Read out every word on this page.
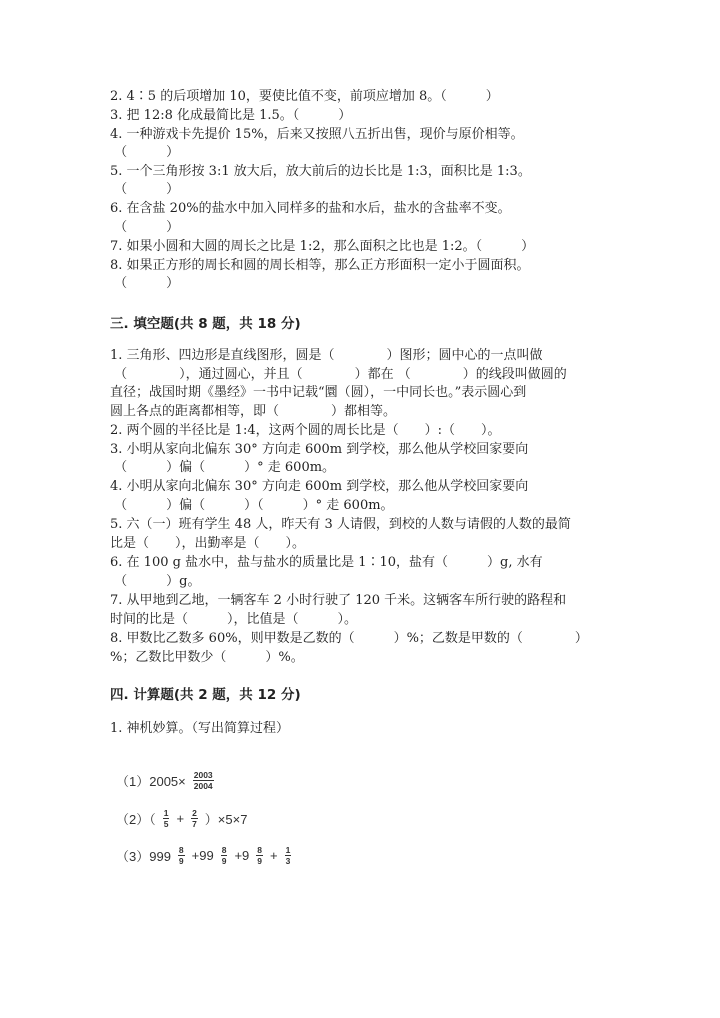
2. 4∶5 的后项增加 10，要使比值不变，前项应增加 8。（　　　）
3. 把 12:8 化成最简比是 1.5。（　　　）
4. 一种游戏卡先提价 15%，后来又按照八五折出售，现价与原价相等。
（　　　）
5. 一个三角形按 3:1 放大后，放大前后的边长比是 1:3，面积比是 1:3。
（　　　）
6. 在含盐 20%的盐水中加入同样多的盐和水后，盐水的含盐率不变。
（　　　）
7. 如果小圆和大圆的周长之比是 1:2，那么面积之比也是 1:2。（　　　）
8. 如果正方形的周长和圆的周长相等，那么正方形面积一定小于圆面积。
（　　　）
三. 填空题(共 8 题，共 18 分)
1. 三角形、四边形是直线图形，圆是（　　　　）图形；圆中心的一点叫做
（　　　　），通过圆心，并且（　　　　）都在 （　　　　）的线段叫做圆的
直径；战国时期《墨经》一书中记载“圜（圆），一中同长也。”表示圆心到
圆上各点的距离都相等，即（　　　　）都相等。
2. 两个圆的半径比是 1:4，这两个圆的周长比是（　　）:（　　）。
3. 小明从家向北偏东 30° 方向走 600m 到学校，那么他从学校回家要向
（　　　）偏（　　　）° 走 600m。
4. 小明从家向北偏东 30° 方向走 600m 到学校，那么他从学校回家要向
（　　　）偏（　　　）（　　　）° 走 600m。
5. 六（一）班有学生 48 人，昨天有 3 人请假，到校的人数与请假的人数的最简
比是（　　），出勤率是（　　）。
6. 在 100 g 盐水中，盐与盐水的质量比是 1∶10，盐有（　　　）g, 水有
（　　　）g。
7. 从甲地到乙地，一辆客车 2 小时行驶了 120 千米。这辆客车所行驶的路程和
时间的比是（　　　），比值是（　　　）。
8. 甲数比乙数多 60%，则甲数是乙数的（　　　）%；乙数是甲数的（　　　　）
%；乙数比甲数少（　　　）%。
四. 计算题(共 2 题，共 12 分)
1. 神机妙算。（写出简算过程）
$(1)2005\times \frac{2003}{2004}$
$(2)( \frac{1}{5} + \frac{2}{7} )\times 5\times 7$
$(3)999 \frac{8}{9} +99 \frac{8}{9} +9 \frac{8}{9} + \frac{1}{3}$
